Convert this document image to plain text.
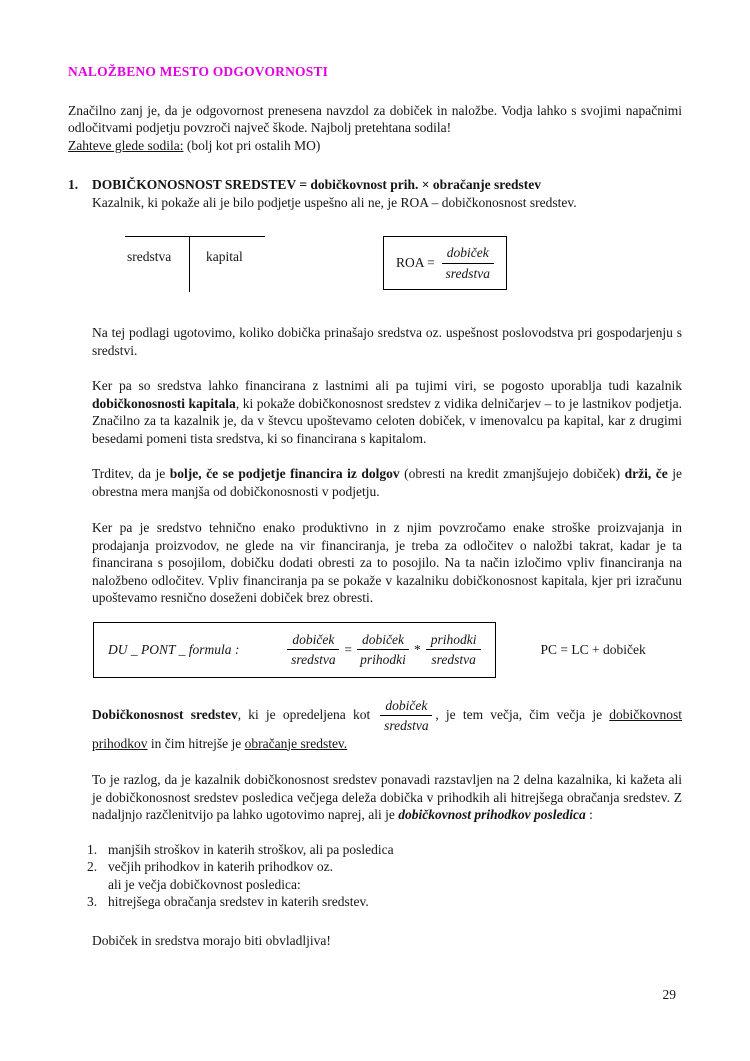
NALOŽBENO MESTO ODGOVORNOSTI

Značilno zanj je, da je odgovornost prenesena navzdol za dobiček in naložbe. Vodja lahko s svojimi napačnimi odločitvami podjetju povzroči največ škode. Najbolj pretehtana sodila!

Zahteve glede sodila: (bolj kot pri ostalih MO)

1. DOBIČKONOSNOST SREDSTEV = dobičkovnost prih. × obračanje sredstev

Kazalnik, ki pokaže ali je bilo podjetje uspešno ali ne, je ROA – dobičkonosnost sredstev.

sredstva	kapital	ROA = $\frac{\text{dobiček}}{\text{sredstva}}$

Na tej podlagi ugotovimo, koliko dobička prinašajo sredstva oz. uspešnost poslovodstva pri gospodarjenju s sredstvi.

Ker pa so sredstva lahko financirana z lastnimi ali pa tujimi viri, se pogosto uporablja tudi kazalnik dobičkonosnosti kapitala, ki pokaže dobičkonosnost sredstev z vidika delničarjev – to je lastnikov podjetja. Značilno za ta kazalnik je, da v števcu upoštevamo celoten dobiček, v imenovalcu pa kapital, kar z drugimi besedami pomeni tista sredstva, ki so financirana s kapitalom.

Trditev, da je bolje, če se podjetje financira iz dolgov (obresti na kredit zmanjšujejo dobiček) drži, če je obrestna mera manjša od dobičkonosnosti v podjetju.

Ker pa je sredstvo tehnično enako produktivno in z njim povzročamo enake stroške proizvajanja in prodajanja proizvodov, ne glede na vir financiranja, je treba za odločitev o naložbi takrat, kadar je ta financirana s posojilom, dobičku dodati obresti za to posojilo. Na ta način izločimo vpliv financiranja na naložbeno odločitev. Vpliv financiranja pa se pokaže v kazalniku dobičkonosnost kapitala, kjer pri izračunu upoštevamo resnično doseženi dobiček brez obresti.

DU _ PONT _ formula :	$\frac{\text{dobiček}}{\text{sredstva}} = \frac{\text{dobiček}}{\text{prihodki}} * \frac{\text{prihodki}}{\text{sredstva}}$	PC = LC + dobiček

Dobičkonosnost sredstev, ki je opredeljena kot $\frac{\text{dobiček}}{\text{sredstva}}$ , je tem večja, čim večja je dobičkovnost prihodkov in čim hitrejše je obračanje sredstev.

To je razlog, da je kazalnik dobičkonosnost sredstev ponavadi razstavljen na 2 delna kazalnika, ki kažeta ali je dobičkonosnost sredstev posledica večjega deleža dobička v prihodkih ali hitrejšega obračanja sredstev. Z nadaljnjo razčlenitvijo pa lahko ugotovimo naprej, ali je dobičkovnost prihodkov posledica :

1. manjših stroškov in katerih stroškov, ali pa posledica
2. večjih prihodkov in katerih prihodkov oz.
ali je večja dobičkovnost posledica:
3. hitrejšega obračanja sredstev in katerih sredstev.

Dobiček in sredstva morajo biti obvladljiva!

29
